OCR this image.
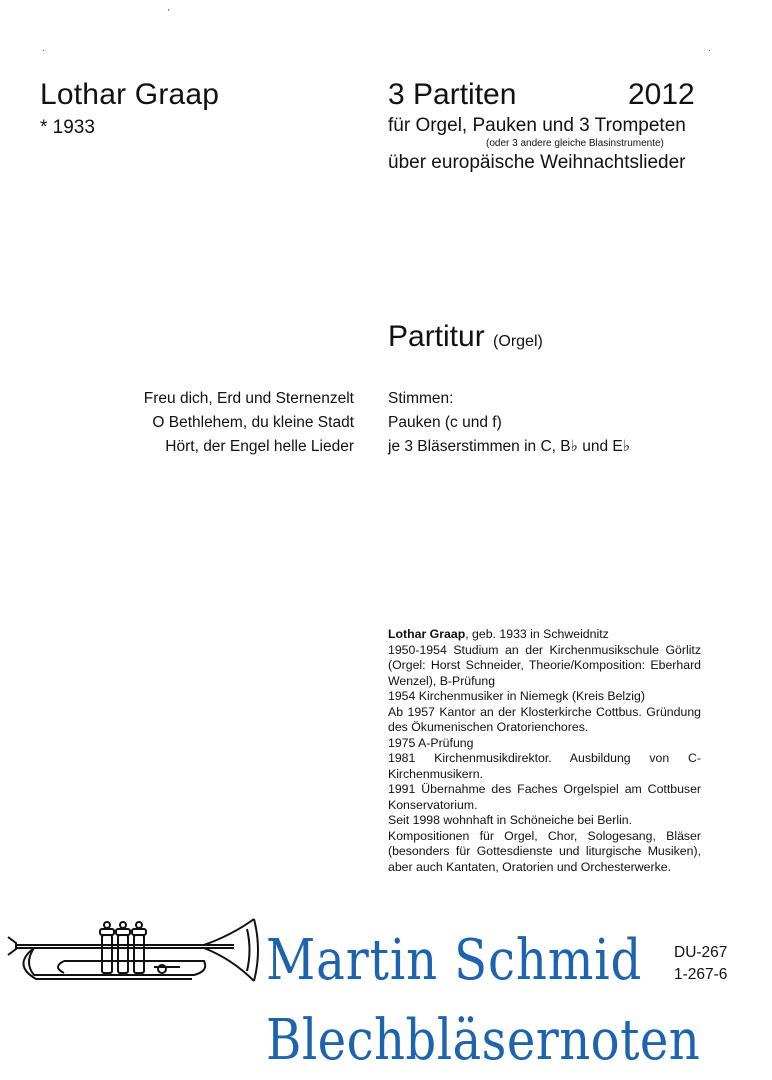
'
·	·
Lothar Graap
* 1933
3 Partiten	2012
für Orgel, Pauken und 3 Trompeten
(oder 3 andere gleiche Blasinstrumente)
über europäische Weihnachtslieder
Partitur (Orgel)
Freu dich, Erd und Sternenzelt
O Bethlehem, du kleine Stadt
Hört, der Engel helle Lieder
Stimmen:
Pauken (c und f)
je 3 Bläserstimmen in C, B♭ und E♭
Lothar Graap, geb. 1933 in Schweidnitz
1950-1954 Studium an der Kirchenmusikschule Görlitz (Orgel: Horst Schneider, Theorie/Komposition: Eberhard Wenzel), B-Prüfung
1954 Kirchenmusiker in Niemegk (Kreis Belzig)
Ab 1957 Kantor an der Klosterkirche Cottbus. Gründung des Ökumenischen Oratorienchores.
1975 A-Prüfung
1981 Kirchenmusikdirektor. Ausbildung von C-Kirchenmusikern.
1991 Übernahme des Faches Orgelspiel am Cottbuser Konservatorium.
Seit 1998 wohnhaft in Schöneiche bei Berlin.
Kompositionen für Orgel, Chor, Sologesang, Bläser (besonders für Gottesdienste und liturgische Musiken), aber auch Kantaten, Oratorien und Orchesterwerke.
Martin Schmid
Blechbläsernoten
DU-267
1-267-6
